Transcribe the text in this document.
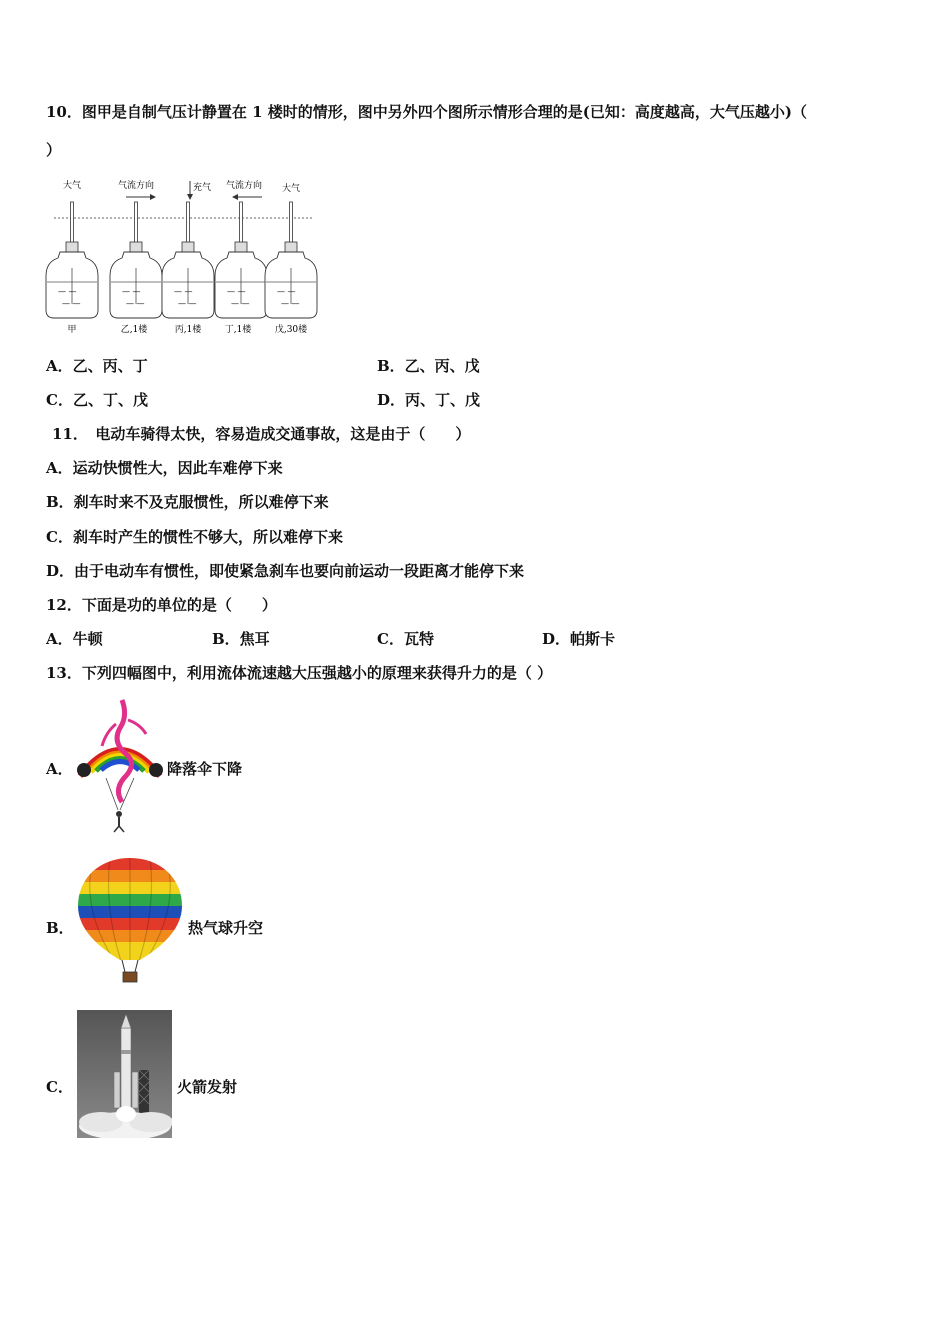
10．图甲是自制气压计静置在 1 楼时的情形，图中另外四个图所示情形合理的是(已知：高度越高，大气压越小)（
）
大气	气流方向	充气 气流方向 大气
— —
— —
— —
— —
— —
— —
— —
— —
— —
— —
甲	乙,1楼	丙,1楼	丁,1楼	戊,30楼
A．乙、丙、丁	B．乙、丙、戊
C．乙、丁、戊	D．丙、丁、戊
11．　电动车骑得太快，容易造成交通事故，这是由于（　　）
A．运动快惯性大，因此车难停下来
B．刹车时来不及克服惯性，所以难停下来
C．刹车时产生的惯性不够大，所以难停下来
D．由于电动车有惯性，即使紧急刹车也要向前运动一段距离才能停下来
12．下面是功的单位的是（　　）
A．牛顿	B．焦耳	C．瓦特	D．帕斯卡
13．下列四幅图中，利用流体流速越大压强越小的原理来获得升力的是（ ）
A．	降落伞下降
B．	热气球升空
C．	火箭发射
